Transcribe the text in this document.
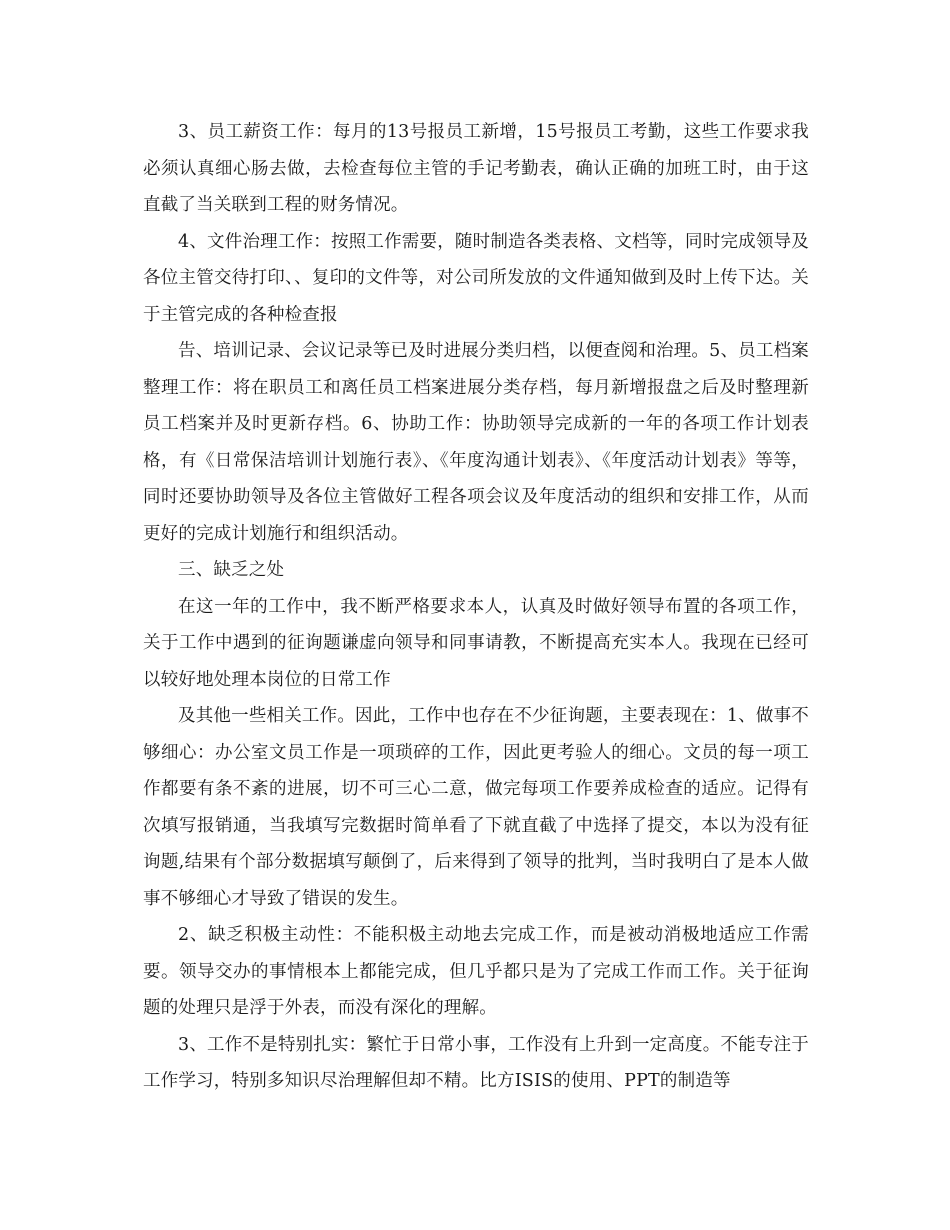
3、员工薪资工作：每月的13号报员工新增，15号报员工考勤，这些工作要求我必须认真细心肠去做，去检查每位主管的手记考勤表，确认正确的加班工时，由于这直截了当关联到工程的财务情况。

4、文件治理工作：按照工作需要，随时制造各类表格、文档等，同时完成领导及各位主管交待打印、、复印的文件等，对公司所发放的文件通知做到及时上传下达。关于主管完成的各种检查报

告、培训记录、会议记录等已及时进展分类归档，以便查阅和治理。5、员工档案整理工作：将在职员工和离任员工档案进展分类存档，每月新增报盘之后及时整理新员工档案并及时更新存档。6、协助工作：协助领导完成新的一年的各项工作计划表格，有《日常保洁培训计划施行表》、《年度沟通计划表》、《年度活动计划表》等等，同时还要协助领导及各位主管做好工程各项会议及年度活动的组织和安排工作，从而更好的完成计划施行和组织活动。

三、缺乏之处

在这一年的工作中，我不断严格要求本人，认真及时做好领导布置的各项工作，关于工作中遇到的征询题谦虚向领导和同事请教，不断提高充实本人。我现在已经可以较好地处理本岗位的日常工作

及其他一些相关工作。因此，工作中也存在不少征询题，主要表现在：1、做事不够细心：办公室文员工作是一项琐碎的工作，因此更考验人的细心。文员的每一项工作都要有条不紊的进展，切不可三心二意，做完每项工作要养成检查的适应。记得有次填写报销通，当我填写完数据时简单看了下就直截了中选择了提交，本以为没有征询题,结果有个部分数据填写颠倒了，后来得到了领导的批判，当时我明白了是本人做事不够细心才导致了错误的发生。

2、缺乏积极主动性：不能积极主动地去完成工作，而是被动消极地适应工作需要。领导交办的事情根本上都能完成，但几乎都只是为了完成工作而工作。关于征询题的处理只是浮于外表，而没有深化的理解。

3、工作不是特别扎实：繁忙于日常小事，工作没有上升到一定高度。不能专注于工作学习，特别多知识尽治理解但却不精。比方ISIS的使用、PPT的制造等
